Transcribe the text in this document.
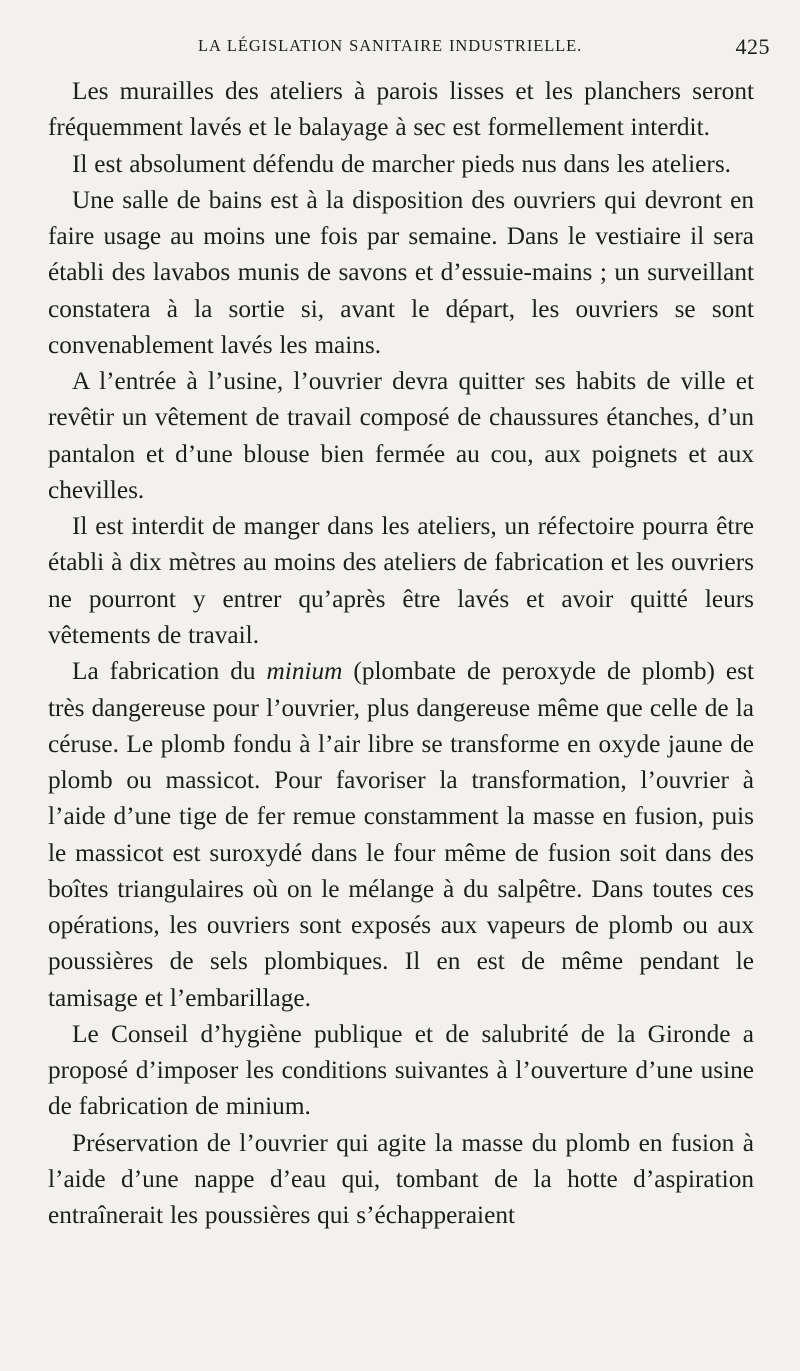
LA LÉGISLATION SANITAIRE INDUSTRIELLE.	425

Les murailles des ateliers à parois lisses et les planchers seront fréquemment lavés et le balayage à sec est formellement interdit.

Il est absolument défendu de marcher pieds nus dans les ateliers.

Une salle de bains est à la disposition des ouvriers qui devront en faire usage au moins une fois par semaine. Dans le vestiaire il sera établi des lavabos munis de savons et d’essuie-mains ; un surveillant constatera à la sortie si, avant le départ, les ouvriers se sont convenablement lavés les mains.

A l’entrée à l’usine, l’ouvrier devra quitter ses habits de ville et revêtir un vêtement de travail composé de chaussures étanches, d’un pantalon et d’une blouse bien fermée au cou, aux poignets et aux chevilles.

Il est interdit de manger dans les ateliers, un réfectoire pourra être établi à dix mètres au moins des ateliers de fabrication et les ouvriers ne pourront y entrer qu’après être lavés et avoir quitté leurs vêtements de travail.

La fabrication du minium (plombate de peroxyde de plomb) est très dangereuse pour l’ouvrier, plus dangereuse même que celle de la céruse. Le plomb fondu à l’air libre se transforme en oxyde jaune de plomb ou massicot. Pour favoriser la transformation, l’ouvrier à l’aide d’une tige de fer remue constamment la masse en fusion, puis le massicot est suroxydé dans le four même de fusion soit dans des boîtes triangulaires où on le mélange à du salpêtre. Dans toutes ces opérations, les ouvriers sont exposés aux vapeurs de plomb ou aux poussières de sels plombiques. Il en est de même pendant le tamisage et l’embarillage.

Le Conseil d’hygiène publique et de salubrité de la Gironde a proposé d’imposer les conditions suivantes à l’ouverture d’une usine de fabrication de minium.

Préservation de l’ouvrier qui agite la masse du plomb en fusion à l’aide d’une nappe d’eau qui, tombant de la hotte d’aspiration entraînerait les poussières qui s’échapperaient
